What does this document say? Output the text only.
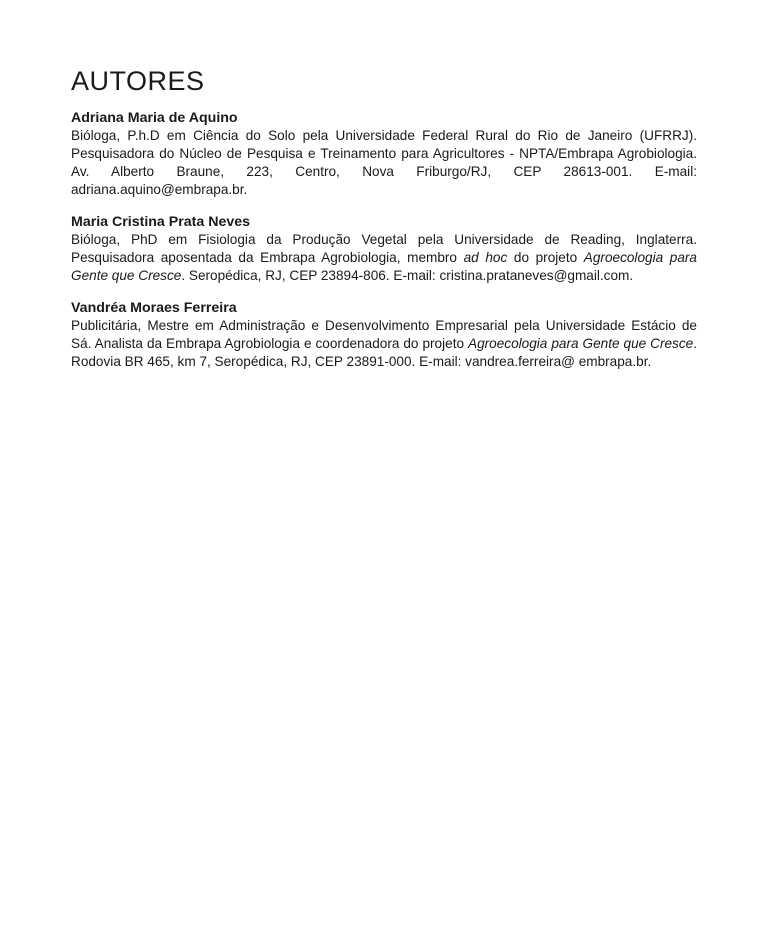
AUTORES

Adriana Maria de Aquino

Bióloga, P.h.D em Ciência do Solo pela Universidade Federal Rural do Rio de Janeiro (UFRRJ). Pesquisadora do Núcleo de Pesquisa e Treinamento para Agricultores - NPTA/Embrapa Agrobiologia. Av. Alberto Braune, 223, Centro, Nova Friburgo/RJ, CEP 28613-001. E-mail: adriana.aquino@embrapa.br.

Maria Cristina Prata Neves

Bióloga, PhD em Fisiologia da Produção Vegetal pela Universidade de Reading, Inglaterra. Pesquisadora aposentada da Embrapa Agrobiologia, membro ad hoc do projeto Agroecologia para Gente que Cresce. Seropédica, RJ, CEP 23894-806. E-mail: cristina.prataneves@gmail.com.

Vandréa Moraes Ferreira

Publicitária, Mestre em Administração e Desenvolvimento Empresarial pela Universidade Estácio de Sá. Analista da Embrapa Agrobiologia e coordenadora do projeto Agroecologia para Gente que Cresce. Rodovia BR 465, km 7, Seropédica, RJ, CEP 23891-000. E-mail: vandrea.ferreira@ embrapa.br.
